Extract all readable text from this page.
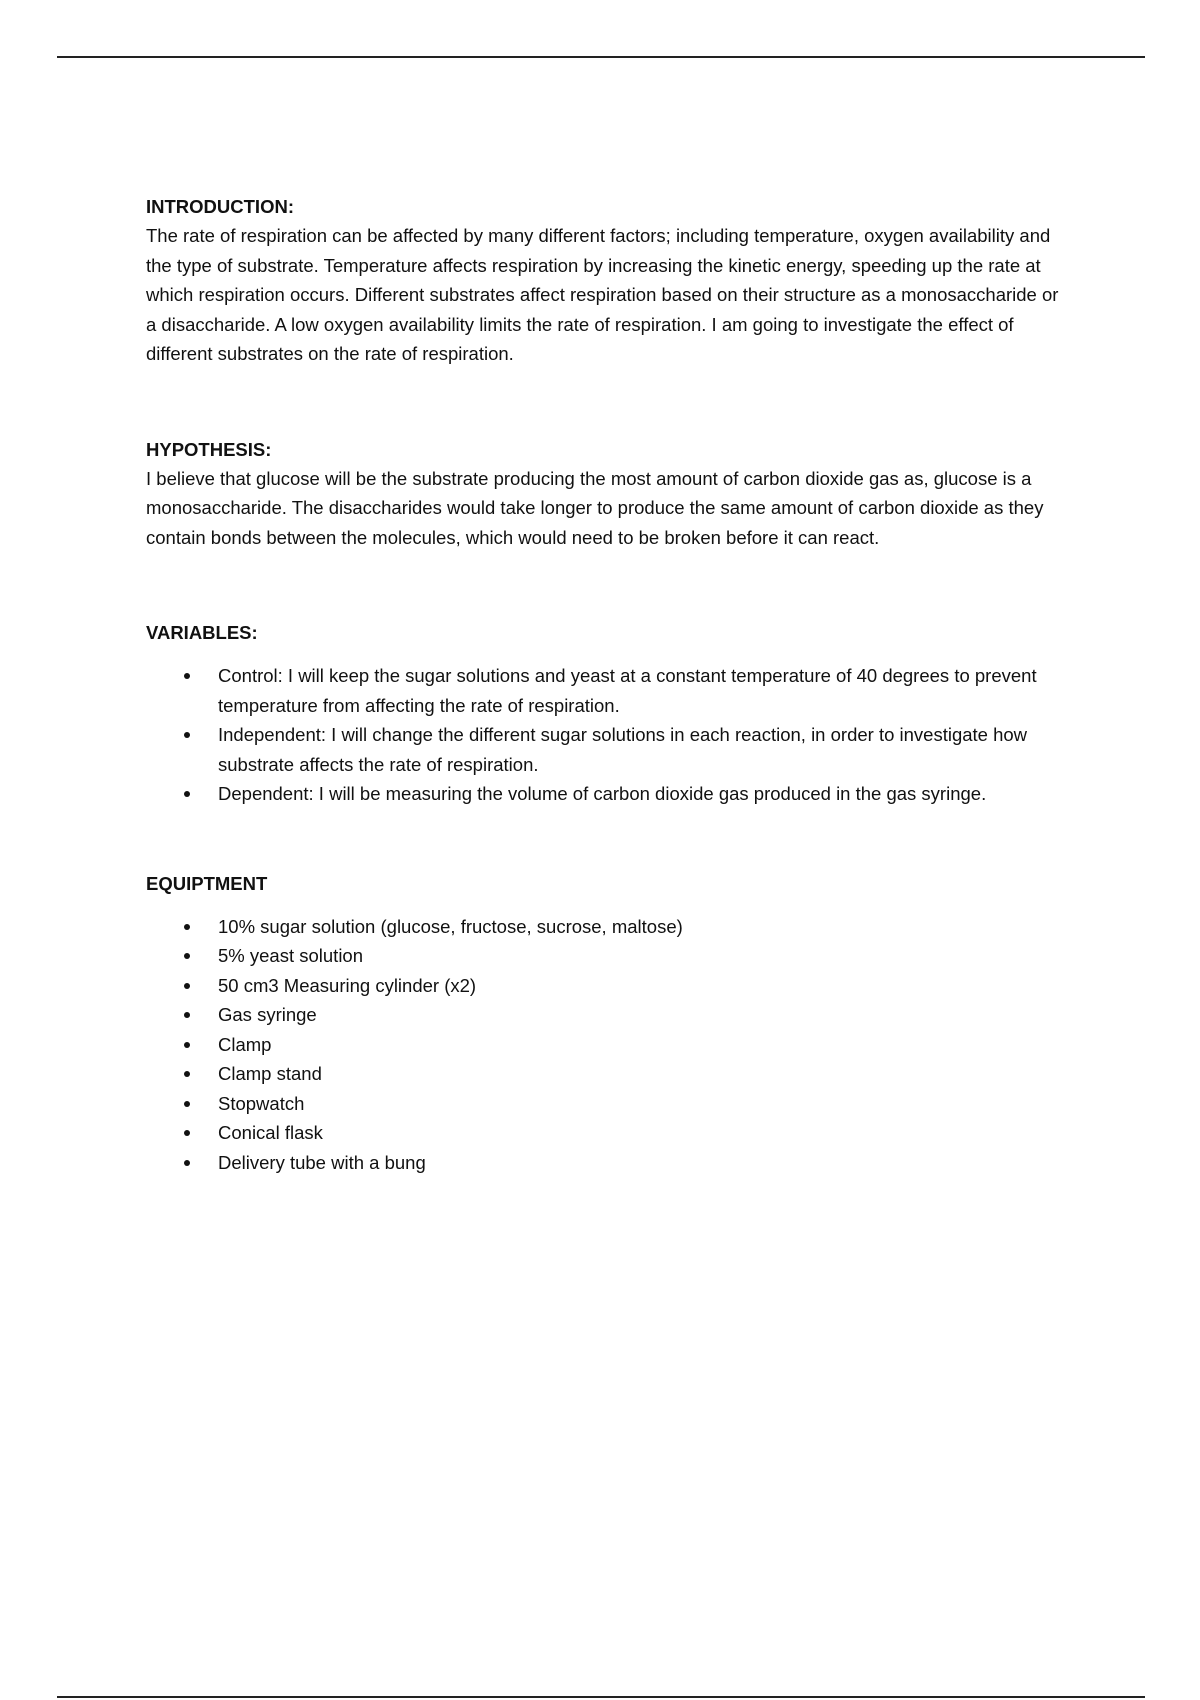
INTRODUCTION:

The rate of respiration can be affected by many different factors; including temperature, oxygen availability and the type of substrate. Temperature affects respiration by increasing the kinetic energy, speeding up the rate at which respiration occurs. Different substrates affect respiration based on their structure as a monosaccharide or a disaccharide. A low oxygen availability limits the rate of respiration. I am going to investigate the effect of different substrates on the rate of respiration.

HYPOTHESIS:

I believe that glucose will be the substrate producing the most amount of carbon dioxide gas as, glucose is a monosaccharide. The disaccharides would take longer to produce the same amount of carbon dioxide as they contain bonds between the molecules, which would need to be broken before it can react.

VARIABLES:

Control: I will keep the sugar solutions and yeast at a constant temperature of 40 degrees to prevent temperature from affecting the rate of respiration.
Independent: I will change the different sugar solutions in each reaction, in order to investigate how substrate affects the rate of respiration.
Dependent: I will be measuring the volume of carbon dioxide gas produced in the gas syringe.

EQUIPTMENT

10% sugar solution (glucose, fructose, sucrose, maltose)
5% yeast solution
50 cm3 Measuring cylinder (x2)
Gas syringe
Clamp
Clamp stand
Stopwatch
Conical flask
Delivery tube with a bung
